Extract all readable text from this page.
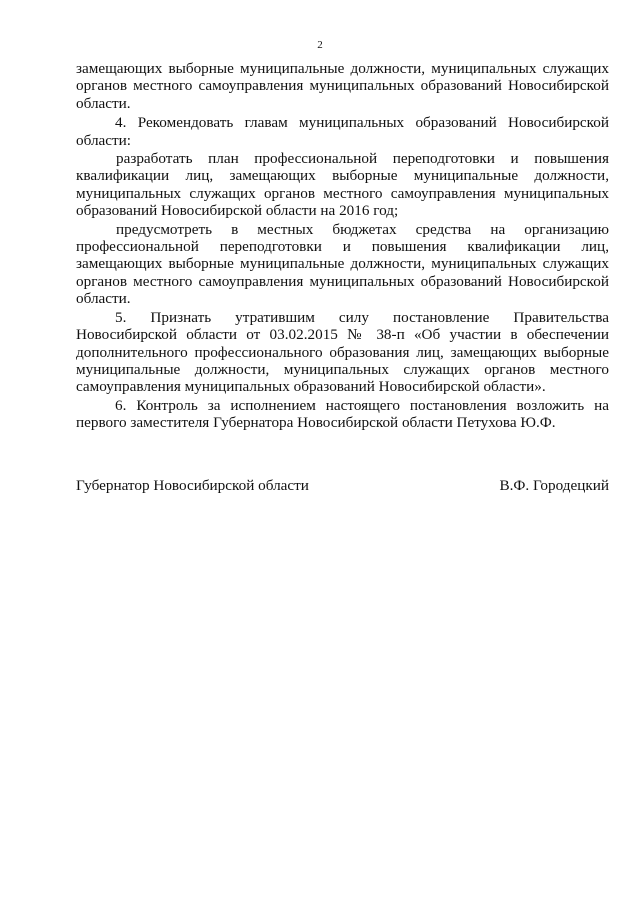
2

замещающих выборные муниципальные должности, муниципальных служащих органов местного самоуправления муниципальных образований Новосибирской области.

4. Рекомендовать главам муниципальных образований Новосибирской области:

разработать план профессиональной переподготовки и повышения квалификации лиц, замещающих выборные муниципальные должности, муниципальных служащих органов местного самоуправления муниципальных образований Новосибирской области на 2016 год;

предусмотреть в местных бюджетах средства на организацию профессиональной переподготовки и повышения квалификации лиц, замещающих выборные муниципальные должности, муниципальных служащих органов местного самоуправления муниципальных образований Новосибирской области.

5. Признать утратившим силу постановление Правительства Новосибирской области от 03.02.2015 № 38-п «Об участии в обеспечении дополнительного профессионального образования лиц, замещающих выборные муниципальные должности, муниципальных служащих органов местного самоуправления муниципальных образований Новосибирской области».

6. Контроль за исполнением настоящего постановления возложить на первого заместителя Губернатора Новосибирской области Петухова Ю.Ф.

Губернатор Новосибирской области	В.Ф. Городецкий
